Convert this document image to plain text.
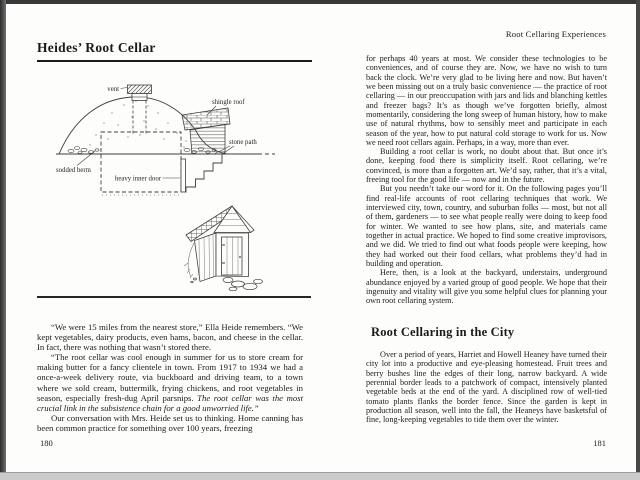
Heides’ Root Cellar
vent
shingle roof
stone path
sodded berm
heavy inner door

“We were 15 miles from the nearest store,” Ella Heide remembers. “We kept vegetables, dairy products, even hams, bacon, and cheese in the cellar. In fact, there was nothing that wasn’t stored there.

“The root cellar was cool enough in summer for us to store cream for making butter for a fancy clientele in town. From 1917 to 1934 we had a once-a-week delivery route, via buckboard and driving team, to a town where we sold cream, buttermilk, frying chickens, and root vegetables in season, especially fresh-dug April parsnips. The root cellar was the most crucial link in the subsistence chain for a good unworried life.”

Our conversation with Mrs. Heide set us to thinking. Home canning has been common practice for something over 100 years, freezing

180
Root Cellaring Experiences

for perhaps 40 years at most. We consider these technologies to be conveniences, and of course they are. Now, we have no wish to turn back the clock. We’re very glad to be living here and now. But haven’t we been missing out on a truly basic convenience — the practice of root cellaring — in our preoccupation with jars and lids and blanching kettles and freezer bags? It’s as though we’ve forgotten briefly, almost momentarily, considering the long sweep of human history, how to make use of natural rhythms, how to sensibly meet and participate in each season of the year, how to put natural cold storage to work for us. Now we need root cellars again. Perhaps, in a way, more than ever.

Building a root cellar is work, no doubt about that. But once it’s done, keeping food there is simplicity itself. Root cellaring, we’re convinced, is more than a forgotten art. We’d say, rather, that it’s a vital, freeing tool for the good life — now and in the future.

But you needn’t take our word for it. On the following pages you’ll find real-life accounts of root cellaring techniques that work. We interviewed city, town, country, and suburban folks — most, but not all of them, gardeners — to see what people really were doing to keep food for winter. We wanted to see how plans, site, and materials came together in actual practice. We hoped to find some creative improvisors, and we did. We tried to find out what foods people were keeping, how they had worked out their food cellars, what problems they’d had in building and operation.

Here, then, is a look at the backyard, understairs, underground abundance enjoyed by a varied group of good people. We hope that their ingenuity and vitality will give you some helpful clues for planning your own root cellaring system.

Root Cellaring in the City

Over a period of years, Harriet and Howell Heaney have turned their city lot into a productive and eye-pleasing homestead. Fruit trees and berry bushes line the edges of their long, narrow backyard. A wide perennial border leads to a patchwork of compact, intensively planted vegetable beds at the end of the yard. A disciplined row of well-tied tomato plants flanks the border fence. Since the garden is kept in production all season, well into the fall, the Heaneys have basketsful of fine, long-keeping vegetables to tide them over the winter.

181
